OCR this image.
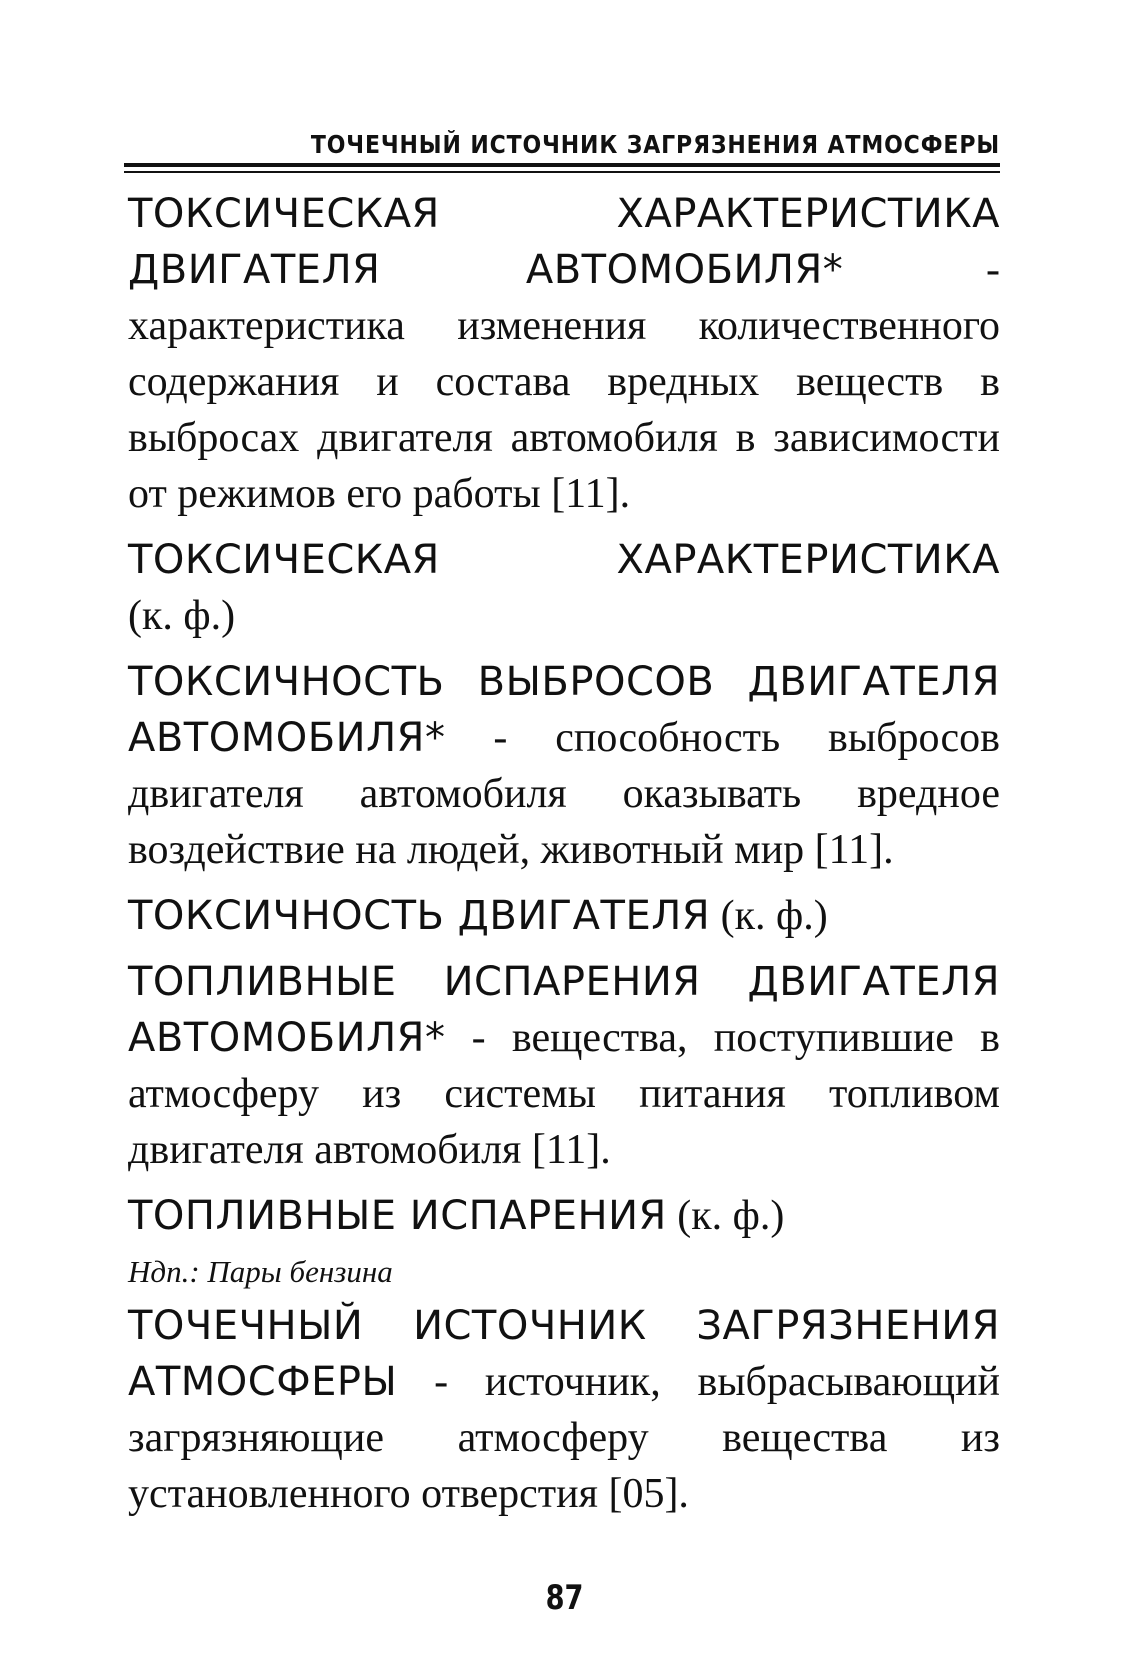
ТОЧЕЧНЫЙ ИСТОЧНИК ЗАГРЯЗНЕНИЯ АТМОСФЕРЫ
ТОКСИЧЕСКАЯ	ХАРАКТЕРИСТИКА
ДВИГАТЕЛЯ АВТОМОБИЛЯ* - характеристика изменения количественного содержания и состава вредных веществ в выбросах двигателя автомобиля в зависимости от режимов его работы [11].
ТОКСИЧЕСКАЯ	ХАРАКТЕРИСТИКА
(к. ф.)
ТОКСИЧНОСТЬ ВЫБРОСОВ ДВИГАТЕЛЯ АВТОМОБИЛЯ* - способность выбросов двигателя автомобиля оказывать вредное воздействие на людей, животный мир [11].
ТОКСИЧНОСТЬ ДВИГАТЕЛЯ (к. ф.)
ТОПЛИВНЫЕ ИСПАРЕНИЯ ДВИГАТЕЛЯ АВТОМОБИЛЯ* - вещества, поступившие в атмосферу из системы питания топливом двигателя автомобиля [11].
ТОПЛИВНЫЕ ИСПАРЕНИЯ (к. ф.)
Ндп.: Пары бензина
ТОЧЕЧНЫЙ ИСТОЧНИК ЗАГРЯЗНЕНИЯ АТМОСФЕРЫ - источник, выбрасывающий загрязняющие атмосферу вещества из установленного отверстия [05].
87
